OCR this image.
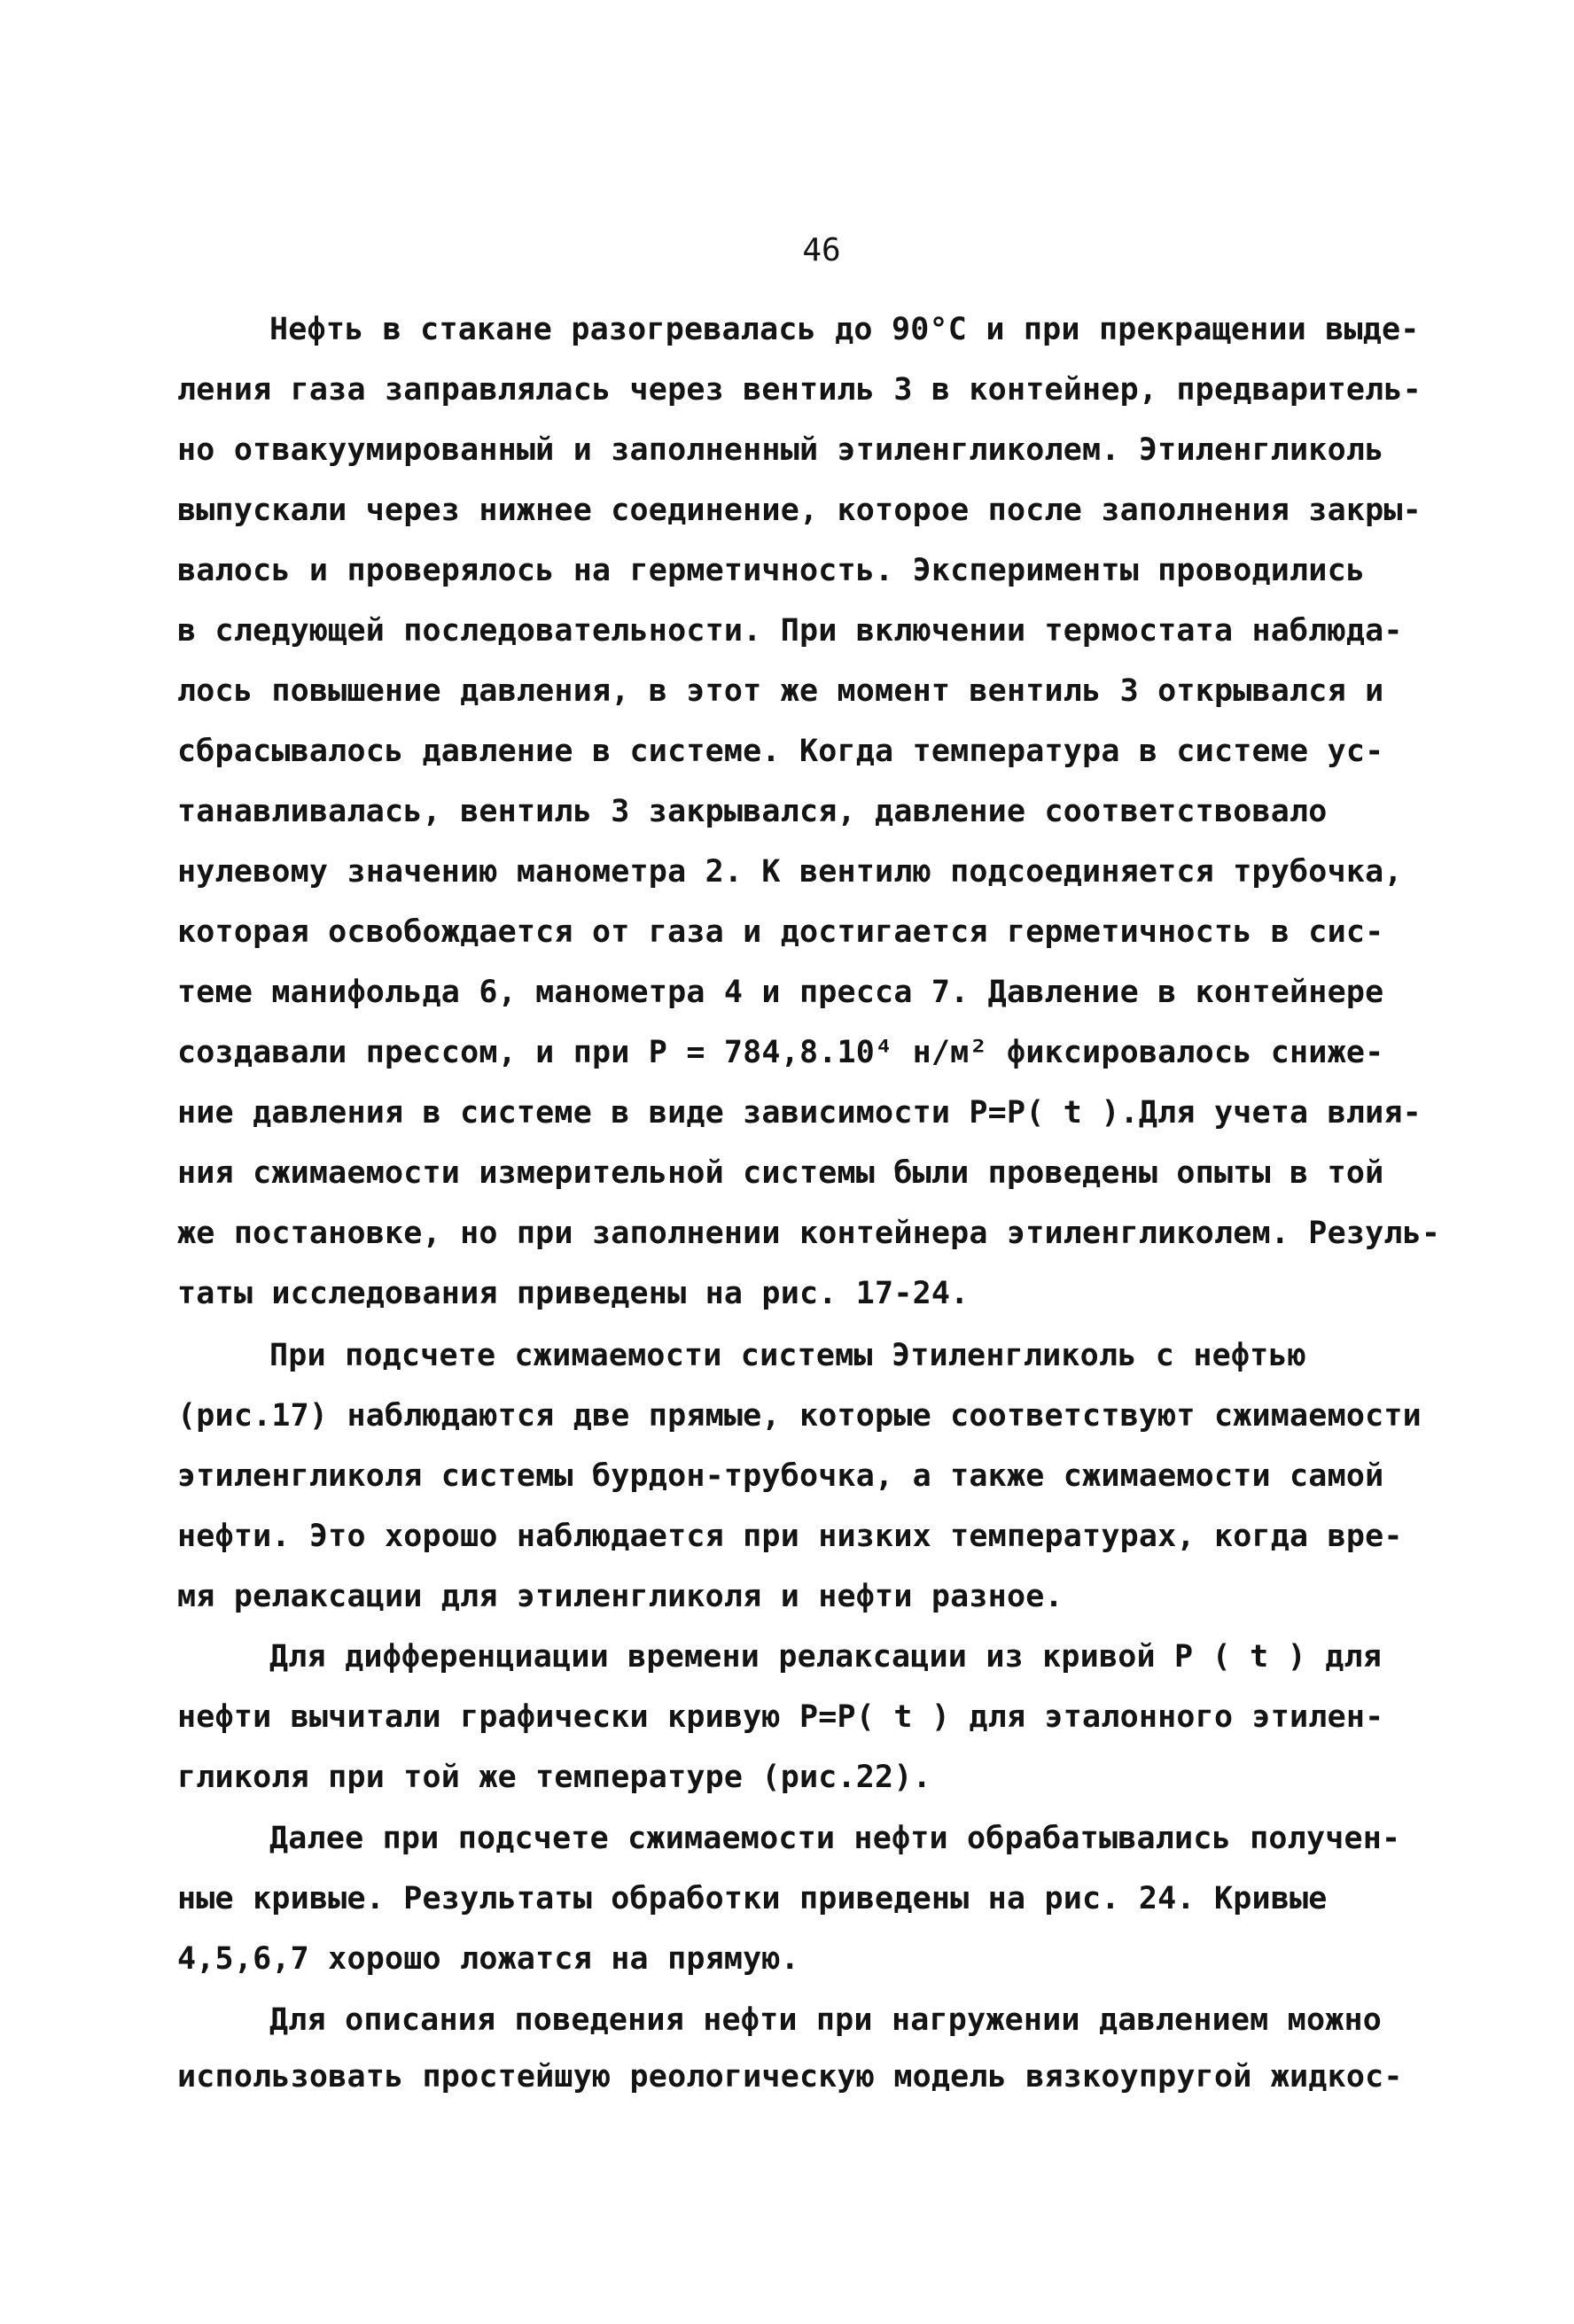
46
Нефть в стакане разогревалась до 90°С и при прекращении выде-
ления газа заправлялась через вентиль 3 в контейнер, предваритель-
но отвакуумированный и заполненный этиленгликолем. Этиленгликоль
выпускали через нижнее соединение, которое после заполнения закры-
валось и проверялось на герметичность. Эксперименты проводились
в следующей последовательности. При включении термостата наблюда-
лось повышение давления, в этот же момент вентиль 3 открывался и
сбрасывалось давление в системе. Когда температура в системе ус-
танавливалась, вентиль 3 закрывался, давление соответствовало
нулевому значению манометра 2. К вентилю подсоединяется трубочка,
которая освобождается от газа и достигается герметичность в сис-
теме манифольда 6, манометра 4 и пресса 7. Давление в контейнере
создавали прессом, и при Р = 784,8.10⁴ н/м² фиксировалось сниже-
ние давления в системе в виде зависимости Р=Р( t ).Для учета влия-
ния сжимаемости измерительной системы были проведены опыты в той
же постановке, но при заполнении контейнера этиленгликолем. Резуль-
таты исследования приведены на рис. 17-24.
При подсчете сжимаемости системы Этиленгликоль с нефтью
(рис.17) наблюдаются две прямые, которые соответствуют сжимаемости
этиленгликоля системы бурдон-трубочка, а также сжимаемости самой
нефти. Это хорошо наблюдается при низких температурах, когда вре-
мя релаксации для этиленгликоля и нефти разное.
Для дифференциации времени релаксации из кривой Р ( t ) для
нефти вычитали графически кривую Р=Р( t ) для эталонного этилен-
гликоля при той же температуре (рис.22).
Далее при подсчете сжимаемости нефти обрабатывались получен-
ные кривые. Результаты обработки приведены на рис. 24. Кривые
4,5,6,7 хорошо ложатся на прямую.
Для описания поведения нефти при нагружении давлением можно
использовать простейшую реологическую модель вязкоупругой жидкос-
